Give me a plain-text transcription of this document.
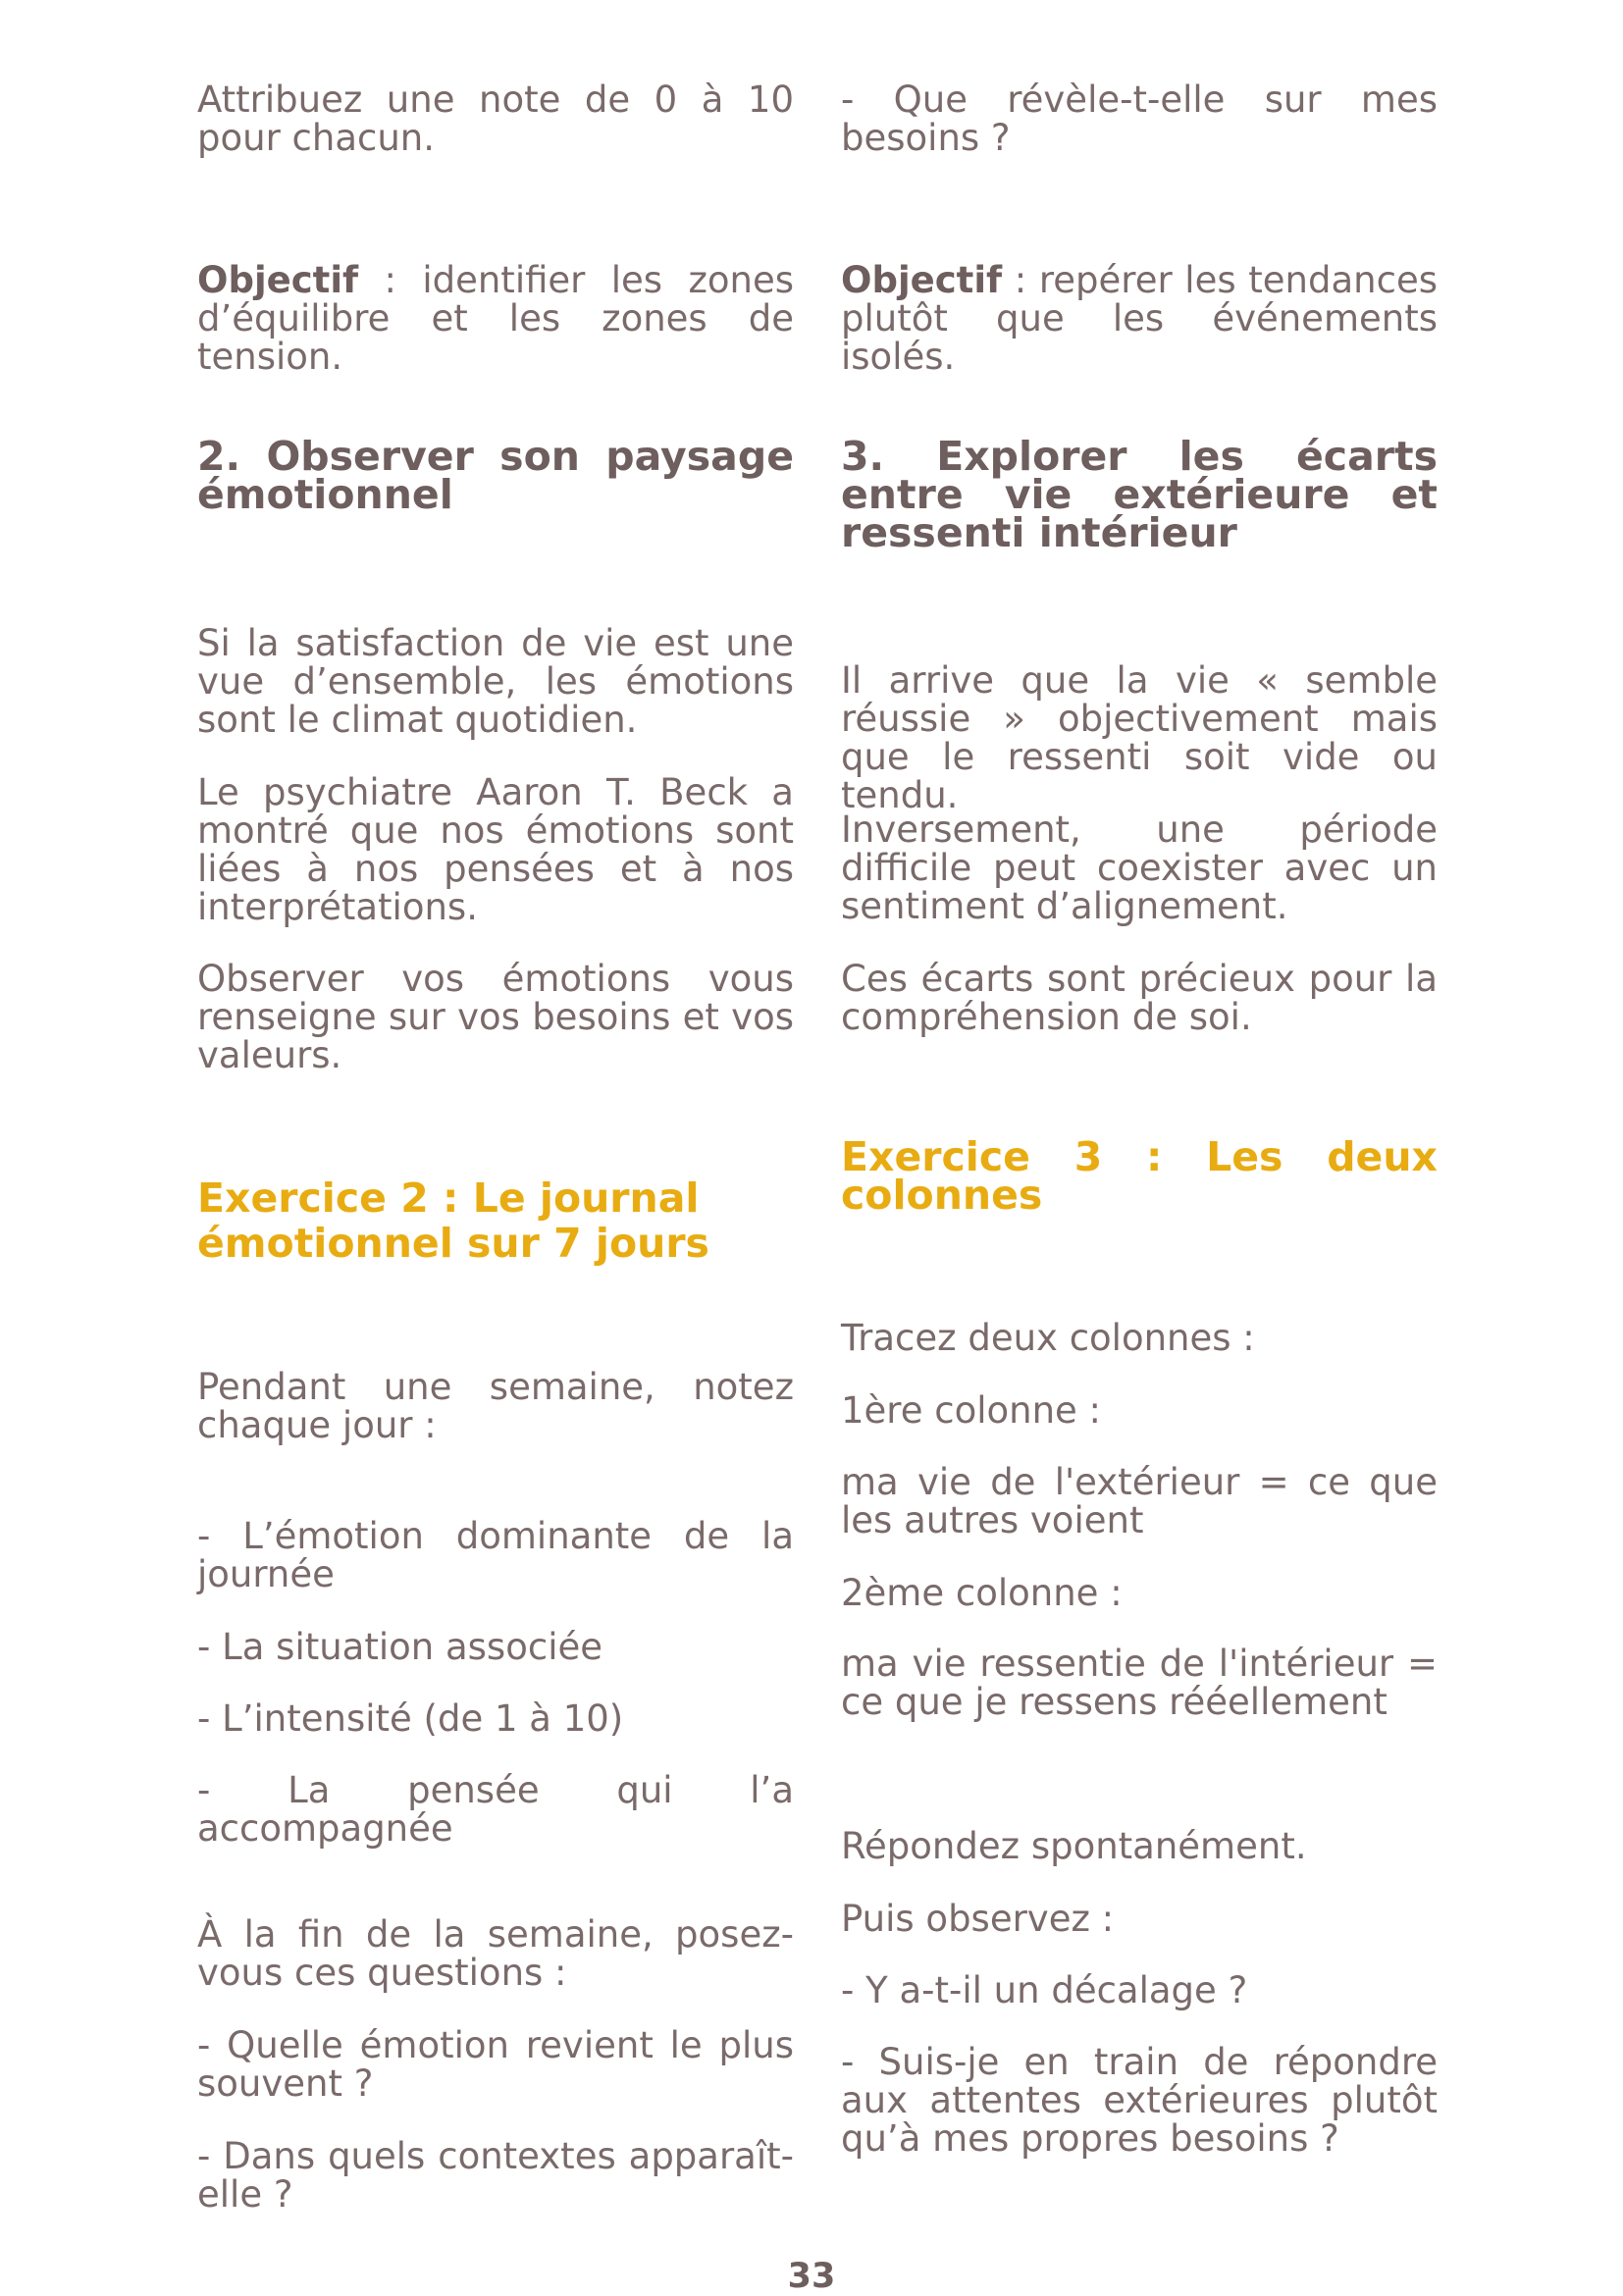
Attribuez une note de 0 à 10 pour chacun.

Objectif : identifier les zones d’équilibre et les zones de tension.

2. Observer son paysage émotionnel

Si la satisfaction de vie est une vue d’ensemble, les émotions sont le climat quotidien.

Le psychiatre Aaron T. Beck a montré que nos émotions sont liées à nos pensées et à nos interprétations.

Observer vos émotions vous renseigne sur vos besoins et vos valeurs.

Exercice 2 : Le journal
émotionnel sur 7 jours

Pendant une semaine, notez chaque jour :

- L’émotion dominante de la journée

- La situation associée

- L’intensité (de 1 à 10)

- La pensée qui l’a accompagnée

À la fin de la semaine, posez-vous ces questions :

- Quelle émotion revient le plus souvent ?

- Dans quels contextes apparaît-elle ?

- Que révèle-t-elle sur mes besoins ?

Objectif : repérer les tendances plutôt que les événements isolés.

3. Explorer les écarts entre vie extérieure et ressenti intérieur

Il arrive que la vie « semble réussie » objectivement mais que le ressenti soit vide ou tendu.

Inversement, une période difficile peut coexister avec un sentiment d’alignement.

Ces écarts sont précieux pour la compréhension de soi.

Exercice 3 : Les deux colonnes

Tracez deux colonnes :

1ère colonne :

ma vie de l'extérieur = ce que les autres voient

2ème colonne :

ma vie ressentie de l'intérieur = ce que je ressens rééellement

Répondez spontanément.

Puis observez :

- Y a-t-il un décalage ?

- Suis-je en train de répondre aux attentes extérieures plutôt qu’à mes propres besoins ?

33
